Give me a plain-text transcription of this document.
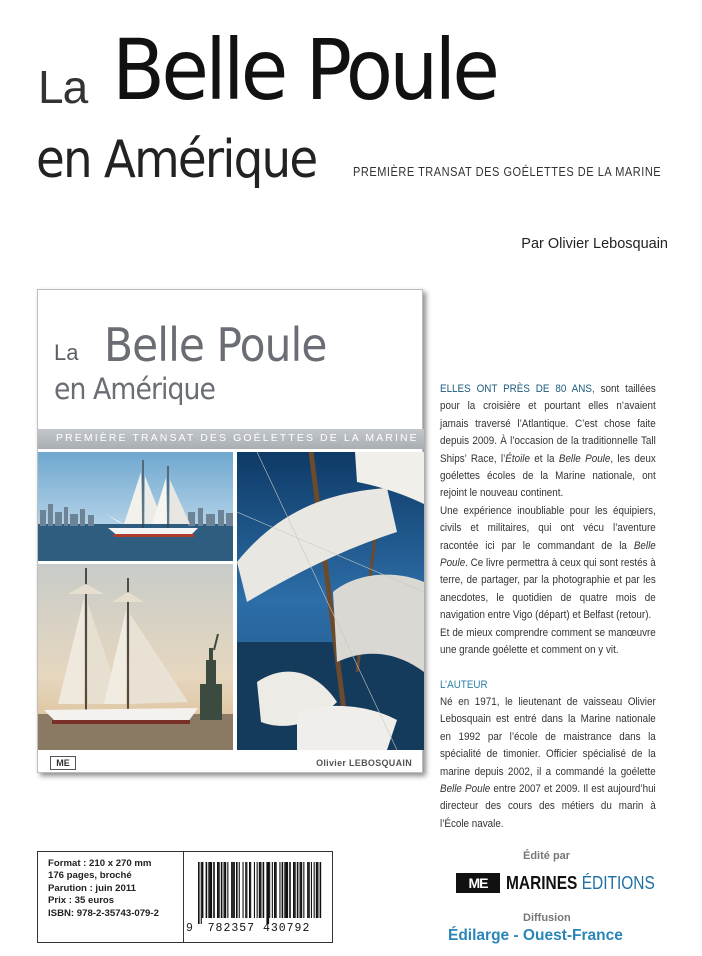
La Belle Poule
en Amérique	PREMIÈRE TRANSAT DES GOÉLETTES DE LA MARINE
Par Olivier Lebosquain
La Belle Poule
en Amérique
PREMIÈRE TRANSAT DES GOÉLETTES DE LA MARINE
ME	Olivier LEBOSQUAIN

ELLES ONT PRÈS DE 80 ANS, sont taillées pour la croisière et pourtant elles n’avaient jamais traversé l’Atlantique. C’est chose faite depuis 2009. À l’occasion de la traditionnelle Tall Ships’ Race, l’Étoile et la Belle Poule, les deux goélettes écoles de la Marine nationale, ont rejoint le nouveau continent.

Une expérience inoubliable pour les équipiers, civils et militaires, qui ont vécu l’aventure racontée ici par le commandant de la Belle Poule. Ce livre permettra à ceux qui sont restés à terre, de partager, par la photographie et par les anecdotes, le quotidien de quatre mois de navigation entre Vigo (départ) et Belfast (retour).

Et de mieux comprendre comment se manœuvre une grande goélette et comment on y vit.

L’AUTEUR

Né en 1971, le lieutenant de vaisseau Olivier Lebosquain est entré dans la Marine nationale en 1992 par l’école de maistrance dans la spécialité de timonier. Officier spécialisé de la marine depuis 2002, il a commandé la goélette Belle Poule entre 2007 et 2009. Il est aujourd’hui directeur des cours des métiers du marin à l’École navale.

Format : 210 x 270 mm
176 pages, broché
Parution : juin 2011
Prix : 35 euros
ISBN: 978-2-35743-079-2
9	782357 430792
Édité par
ME	MARINES ÉDITIONS
Diffusion
Édilarge - Ouest-France
